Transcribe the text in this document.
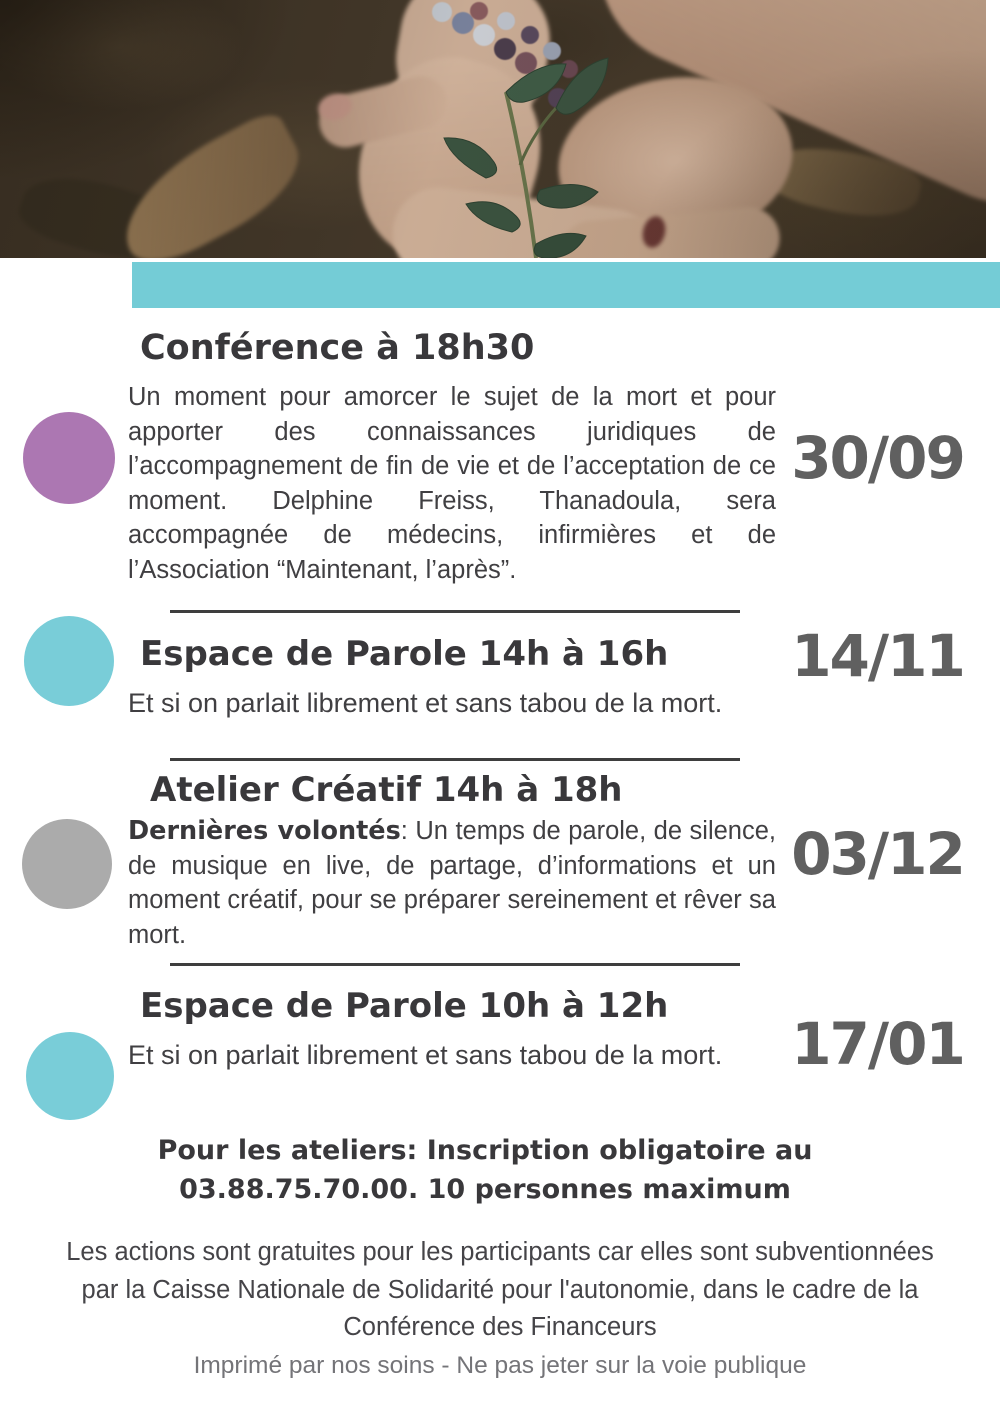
Conférence à 18h30
Un moment pour amorcer le sujet de la mort et pour apporter des connaissances juridiques de l’accompagnement de fin de vie et de l’acceptation de ce moment. Delphine Freiss, Thanadoula, sera accompagnée de médecins, infirmières et de l’Association “Maintenant, l’après”.
30/09
Espace de Parole 14h à 16h
Et si on parlait librement et sans tabou de la mort.
14/11
Atelier Créatif 14h à 18h
Dernières volontés: Un temps de parole, de silence, de musique en live, de partage, d’informations et un moment créatif, pour se préparer sereinement et rêver sa mort.
03/12
Espace de Parole 10h à 12h
Et si on parlait librement et sans tabou de la mort.	17/01
Pour les ateliers: Inscription obligatoire au
03.88.75.70.00. 10 personnes maximum
Les actions sont gratuites pour les participants car elles sont subventionnées par la Caisse Nationale de Solidarité pour l'autonomie, dans le cadre de la Conférence des Financeurs
Imprimé par nos soins - Ne pas jeter sur la voie publique
